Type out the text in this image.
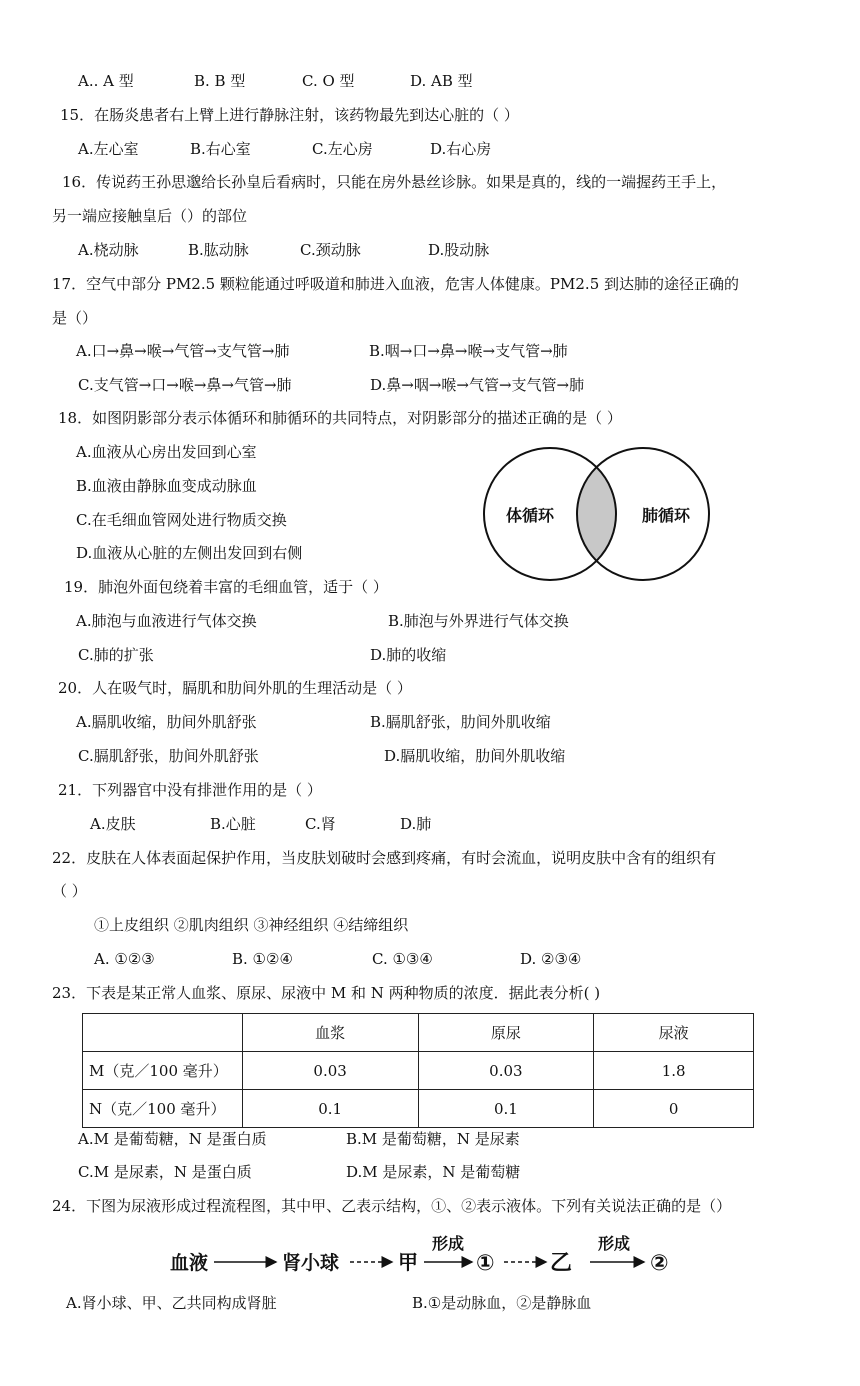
A.. A 型	B. B 型	C. O 型	D. AB 型
15．在肠炎患者右上臂上进行静脉注射，该药物最先到达心脏的（ ）
A.左心室	B.右心室	C.左心房	D.右心房
16．传说药王孙思邈给长孙皇后看病时，只能在房外悬丝诊脉。如果是真的，线的一端握药王手上，
另一端应接触皇后（）的部位
A.桡动脉	B.肱动脉	C.颈动脉	D.股动脉
17．空气中部分 PM2.5 颗粒能通过呼吸道和肺进入血液，危害人体健康。PM2.5 到达肺的途径正确的
是（）
A.口→鼻→喉→气管→支气管→肺	B.咽→口→鼻→喉→支气管→肺
C.支气管→口→喉→鼻→气管→肺	D.鼻→咽→喉→气管→支气管→肺
18．如图阴影部分表示体循环和肺循环的共同特点，对阴影部分的描述正确的是（ ）
A.血液从心房出发回到心室
B.血液由静脉血变成动脉血
C.在毛细血管网处进行物质交换
D.血液从心脏的左侧出发回到右侧
体循环	肺循环
19．肺泡外面包绕着丰富的毛细血管，适于（ ）
A.肺泡与血液进行气体交换	B.肺泡与外界进行气体交换
C.肺的扩张	D.肺的收缩
20．人在吸气时，膈肌和肋间外肌的生理活动是（ ）
A.膈肌收缩，肋间外肌舒张	B.膈肌舒张，肋间外肌收缩
C.膈肌舒张，肋间外肌舒张	D.膈肌收缩，肋间外肌收缩
21．下列器官中没有排泄作用的是（ ）
A.皮肤	B.心脏	C.肾	D.肺
22．皮肤在人体表面起保护作用，当皮肤划破时会感到疼痛，有时会流血，说明皮肤中含有的组织有
（ ）
①上皮组织 ②肌肉组织 ③神经组织 ④结缔组织
A. ①②③	B. ①②④	C. ①③④	D. ②③④
23．下表是某正常人血浆、原尿、尿液中 M 和 N 两种物质的浓度．据此表分析( )
	血浆	原尿	尿液
M（克／100 毫升）	0.03	0.03	1.8
N（克／100 毫升）	0.1	0.1	0
A.M 是葡萄糖，N 是蛋白质	B.M 是葡萄糖，N 是尿素
C.M 是尿素，N 是蛋白质	D.M 是尿素，N 是葡萄糖
24．下图为尿液形成过程流程图，其中甲、乙表示结构，①、②表示液体。下列有关说法正确的是（）
血液	肾小球	甲
形成
①	乙
形成
②
A.肾小球、甲、乙共同构成肾脏	B.①是动脉血，②是静脉血
